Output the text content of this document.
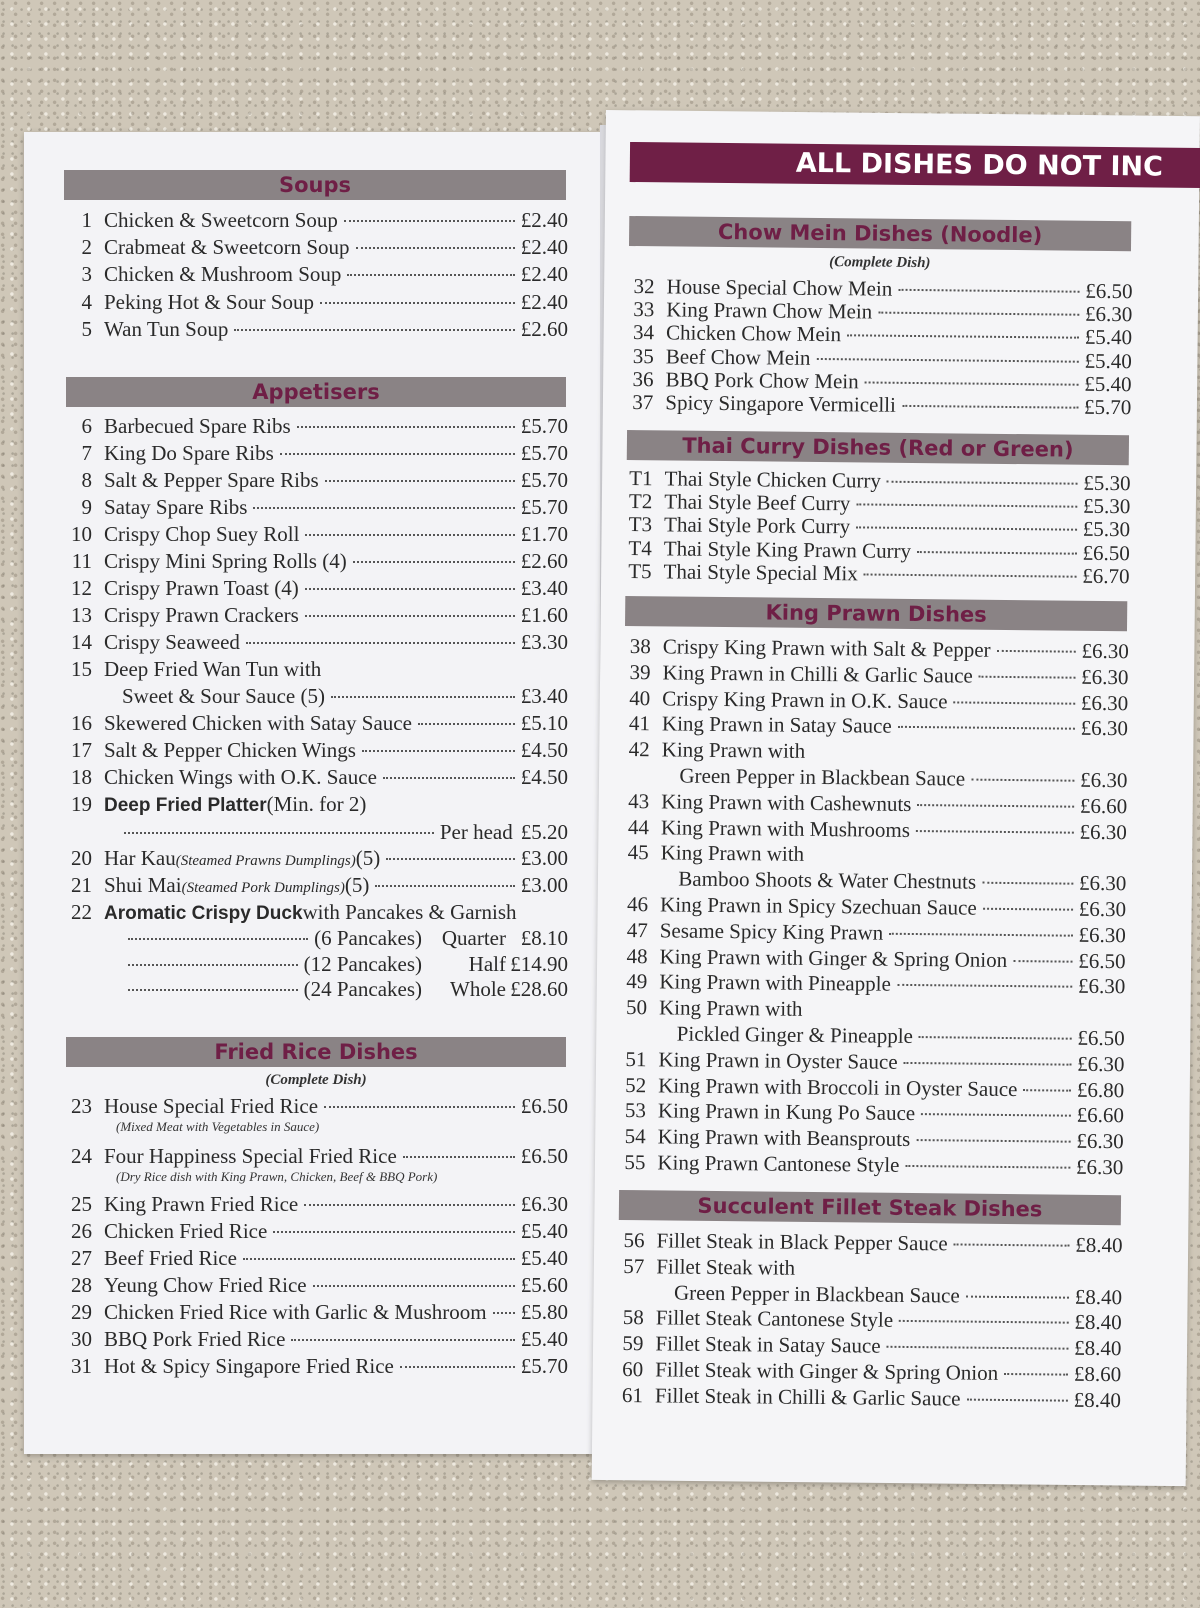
ALL DISHES DO NOT INC
Chow Mein Dishes (Noodle)
(Complete Dish)
32 House Special Chow Mein	£6.50
33 King Prawn Chow Mein	£6.30
34 Chicken Chow Mein	£5.40
35 Beef Chow Mein	£5.40
36 BBQ Pork Chow Mein	£5.40
37 Spicy Singapore Vermicelli	£5.70
Thai Curry Dishes (Red or Green)
T1 Thai Style Chicken Curry	£5.30
T2 Thai Style Beef Curry	£5.30
T3 Thai Style Pork Curry	£5.30
T4 Thai Style King Prawn Curry	£6.50
T5 Thai Style Special Mix	£6.70
King Prawn Dishes
38 Crispy King Prawn with Salt & Pepper	£6.30
39 King Prawn in Chilli & Garlic Sauce	£6.30
40 Crispy King Prawn in O.K. Sauce	£6.30
41 King Prawn in Satay Sauce	£6.30
42 King Prawn with
Green Pepper in Blackbean Sauce	£6.30
43 King Prawn with Cashewnuts	£6.60
44 King Prawn with Mushrooms	£6.30
45 King Prawn with
Bamboo Shoots & Water Chestnuts	£6.30
46 King Prawn in Spicy Szechuan Sauce	£6.30
47 Sesame Spicy King Prawn	£6.30
48 King Prawn with Ginger & Spring Onion	£6.50
49 King Prawn with Pineapple	£6.30
50 King Prawn with
Pickled Ginger & Pineapple	£6.50
51 King Prawn in Oyster Sauce	£6.30
52 King Prawn with Broccoli in Oyster Sauce	£6.80
53 King Prawn in Kung Po Sauce	£6.60
54 King Prawn with Beansprouts	£6.30
55 King Prawn Cantonese Style	£6.30
Succulent Fillet Steak Dishes
56 Fillet Steak in Black Pepper Sauce	£8.40
57 Fillet Steak with
Green Pepper in Blackbean Sauce	£8.40
58 Fillet Steak Cantonese Style	£8.40
59 Fillet Steak in Satay Sauce	£8.40
60 Fillet Steak with Ginger & Spring Onion	£8.60
61 Fillet Steak in Chilli & Garlic Sauce	£8.40
Soups
1 Chicken & Sweetcorn Soup	£2.40
2 Crabmeat & Sweetcorn Soup	£2.40
3 Chicken & Mushroom Soup	£2.40
4 Peking Hot & Sour Soup	£2.40
5 Wan Tun Soup	£2.60
Appetisers
6 Barbecued Spare Ribs	£5.70
7 King Do Spare Ribs	£5.70
8 Salt & Pepper Spare Ribs	£5.70
9 Satay Spare Ribs	£5.70
10 Crispy Chop Suey Roll	£1.70
11 Crispy Mini Spring Rolls (4)	£2.60
12 Crispy Prawn Toast (4)	£3.40
13 Crispy Prawn Crackers	£1.60
14 Crispy Seaweed	£3.30
15 Deep Fried Wan Tun with
Sweet & Sour Sauce (5)	£3.40
16 Skewered Chicken with Satay Sauce	£5.10
17 Salt & Pepper Chicken Wings	£4.50
18 Chicken Wings with O.K. Sauce	£4.50
19 Deep Fried Platter (Min. for 2)
Per head £5.20
20 Har Kau (Steamed Prawns Dumplings) (5)	£3.00
21 Shui Mai (Steamed Pork Dumplings) (5)	£3.00
22 Aromatic Crispy Duck with Pancakes & Garnish
(6 Pancakes) Quarter £8.10
(12 Pancakes)	Half £14.90
(24 Pancakes)	Whole £28.60
Fried Rice Dishes
(Complete Dish)
23 House Special Fried Rice	£6.50
(Mixed Meat with Vegetables in Sauce)
24 Four Happiness Special Fried Rice	£6.50
(Dry Rice dish with King Prawn, Chicken, Beef & BBQ Pork)
25 King Prawn Fried Rice	£6.30
26 Chicken Fried Rice	£5.40
27 Beef Fried Rice	£5.40
28 Yeung Chow Fried Rice	£5.60
29 Chicken Fried Rice with Garlic & Mushroom £5.80
30 BBQ Pork Fried Rice	£5.40
31 Hot & Spicy Singapore Fried Rice	£5.70
